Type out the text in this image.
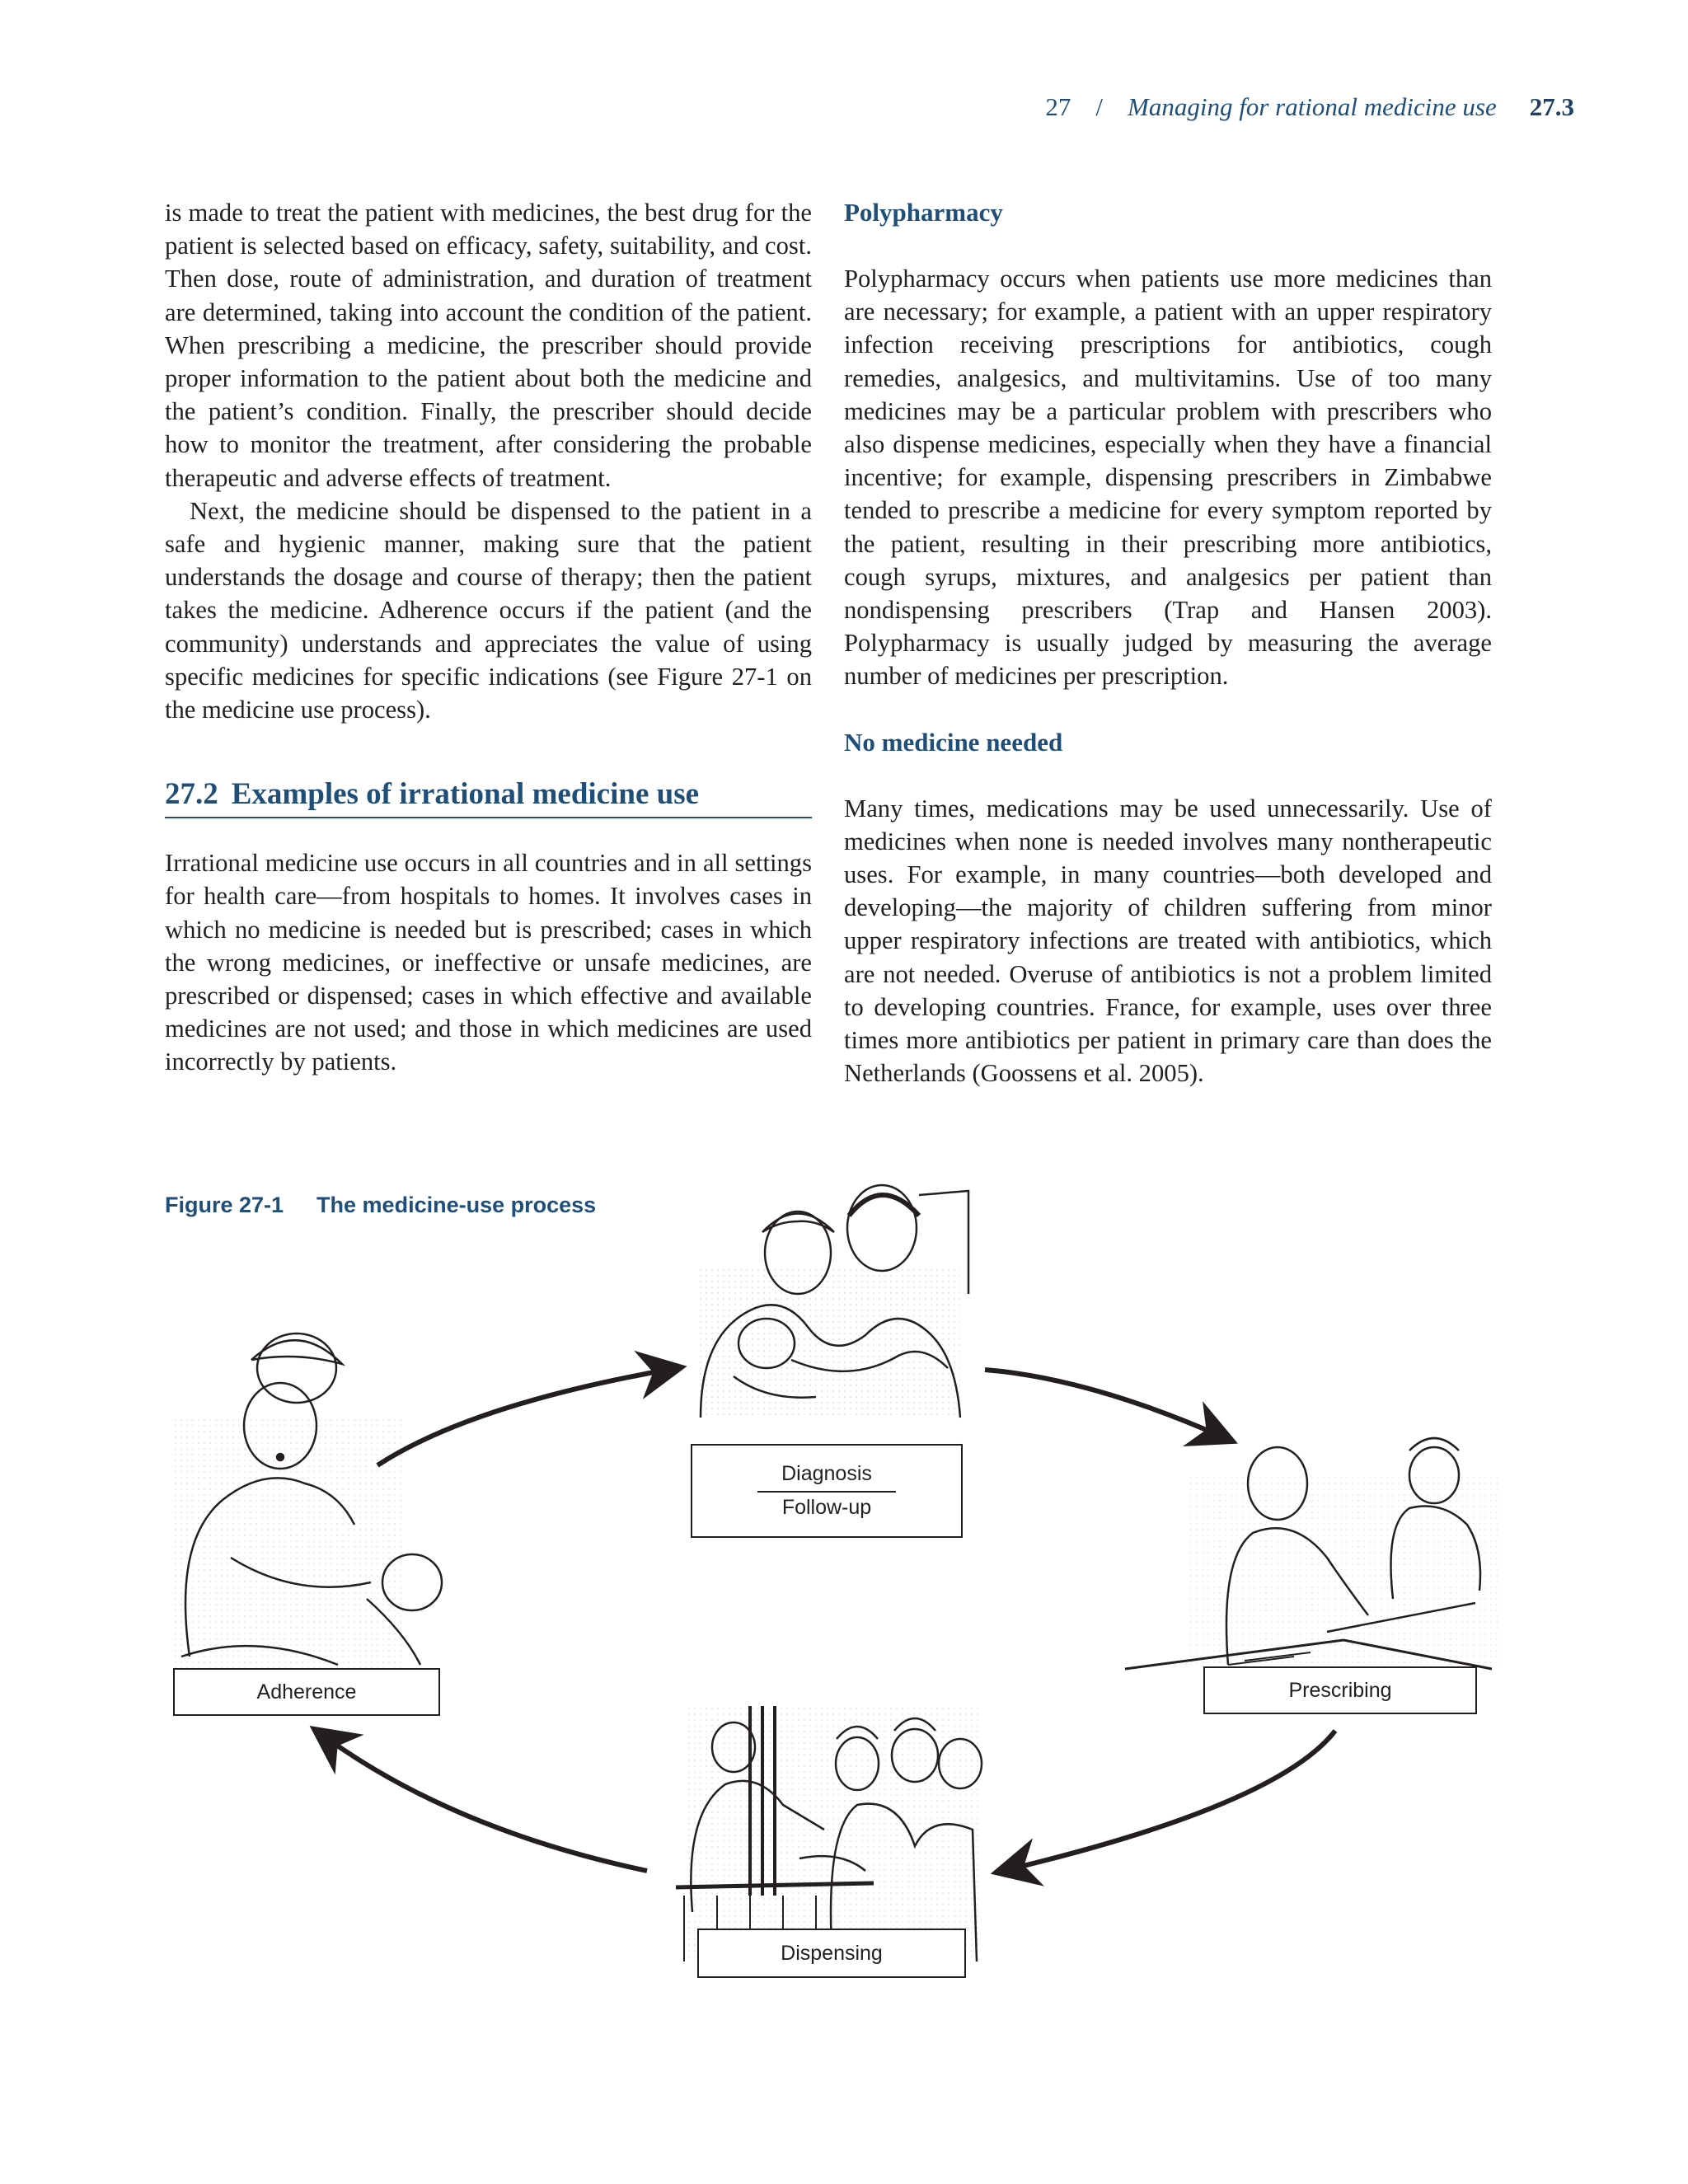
27 / Managing for rational medicine use 27.3

is made to treat the patient with medicines, the best drug for the patient is selected based on efficacy, safety, suitability, and cost. Then dose, route of administration, and duration of treatment are determined, taking into account the condition of the patient. When prescribing a medicine, the prescriber should provide proper information to the patient about both the medicine and the patient’s condition. Finally, the prescriber should decide how to monitor the treatment, after considering the probable therapeutic and adverse effects of treatment.

Next, the medicine should be dispensed to the patient in a safe and hygienic manner, making sure that the patient understands the dosage and course of therapy; then the patient takes the medicine. Adherence occurs if the patient (and the community) understands and appreciates the value of using specific medicines for specific indications (see Figure 27-1 on the medicine use process).

27.2 Examples of irrational medicine use

Irrational medicine use occurs in all countries and in all settings for health care—from hospitals to homes. It involves cases in which no medicine is needed but is prescribed; cases in which the wrong medicines, or ineffective or unsafe medicines, are prescribed or dispensed; cases in which effective and available medicines are not used; and those in which medicines are used incorrectly by patients.

Polypharmacy

Polypharmacy occurs when patients use more medicines than are necessary; for example, a patient with an upper respiratory infection receiving prescriptions for antibiotics, cough remedies, analgesics, and multivitamins. Use of too many medicines may be a particular problem with prescribers who also dispense medicines, especially when they have a financial incentive; for example, dispensing prescribers in Zimbabwe tended to prescribe a medicine for every symptom reported by the patient, resulting in their prescribing more antibiotics, cough syrups, mixtures, and analgesics per patient than nondispensing prescribers (Trap and Hansen 2003). Polypharmacy is usually judged by measuring the average number of medicines per prescription.

No medicine needed

Many times, medications may be used unnecessarily. Use of medicines when none is needed involves many nontherapeutic uses. For example, in many countries—both developed and developing—the majority of children suffering from minor upper respiratory infections are treated with antibiotics, which are not needed. Overuse of antibiotics is not a problem limited to developing countries. France, for example, uses over three times more antibiotics per patient in primary care than does the Netherlands (Goossens et al. 2005).

Figure 27-1 The medicine-use process
Diagnosis
Follow-up
Adherence	Prescribing
Dispensing
